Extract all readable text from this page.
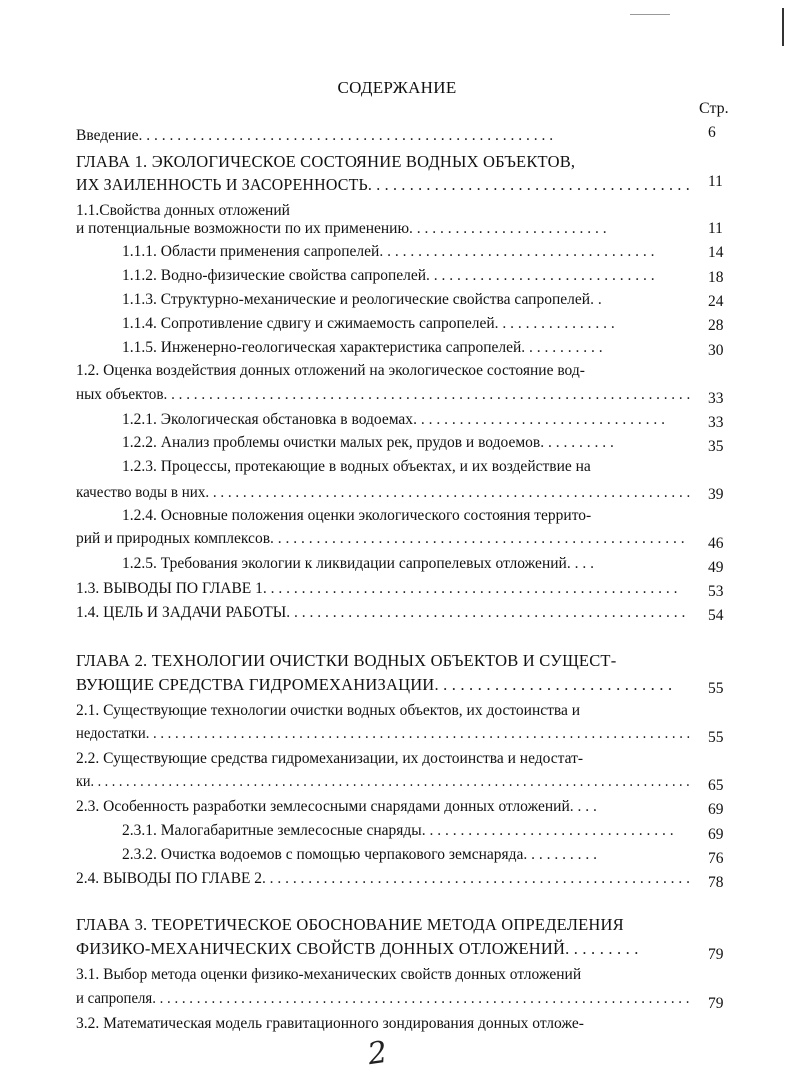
СОДЕРЖАНИЕ
Стр.
Введение. . . . . . . . . . . . . . . . . . . . . . . . . . . . . . . . . . . . . . . . . . . . . . . . . . . . . .	6
ГЛАВА 1. ЭКОЛОГИЧЕСКОЕ СОСТОЯНИЕ ВОДНЫХ ОБЪЕКТОВ,
ИХ ЗАИЛЕННОСТЬ И ЗАСОРЕННОСТЬ. . . . . . . . . . . . . . . . . . . . . . . . . . . . . . . . . . . . . . . 11
1.1.Свойства донных отложений
и потенциальные возможности по их применению. . . . . . . . . . . . . . . . . . . . . . . . . .	11
1.1.1. Области применения сапропелей. . . . . . . . . . . . . . . . . . . . . . . . . . . . . . . . . . . .	14
1.1.2. Водно-физические свойства сапропелей. . . . . . . . . . . . . . . . . . . . . . . . . . . . . .	18
1.1.3. Структурно-механические и реологические свойства сапропелей. .	24
1.1.4. Сопротивление сдвигу и сжимаемость сапропелей. . . . . . . . . . . . . . . .	28
1.1.5. Инженерно-геологическая характеристика сапропелей. . . . . . . . . . .	30
1.2. Оценка воздействия донных отложений на экологическое состояние вод-
ных объектов. . . . . . . . . . . . . . . . . . . . . . . . . . . . . . . . . . . . . . . . . . . . . . . . . . . . . . . . . . . . . . . . . . . . . . 33
1.2.1. Экологическая обстановка в водоемах. . . . . . . . . . . . . . . . . . . . . . . . . . . . . . . . .	33
1.2.2. Анализ проблемы очистки малых рек, прудов и водоемов. . . . . . . . . .	35
1.2.3. Процессы, протекающие в водных объектах, и их воздействие на
качество воды в них. . . . . . . . . . . . . . . . . . . . . . . . . . . . . . . . . . . . . . . . . . . . . . . . . . . . . . . . . . . . . . . . . 39
1.2.4. Основные положения оценки экологического состояния террито-
рий и природных комплексов. . . . . . . . . . . . . . . . . . . . . . . . . . . . . . . . . . . . . . . . . . . . . . . . . . . . . . 46
1.2.5. Требования экологии к ликвидации сапропелевых отложений. . . .	49
1.3. ВЫВОДЫ ПО ГЛАВЕ 1. . . . . . . . . . . . . . . . . . . . . . . . . . . . . . . . . . . . . . . . . . . . . . . . . . . . . . 53
1.4. ЦЕЛЬ И ЗАДАЧИ РАБОТЫ. . . . . . . . . . . . . . . . . . . . . . . . . . . . . . . . . . . . . . . . . . . . . . . . . . . . 54
ГЛАВА 2. ТЕХНОЛОГИИ ОЧИСТКИ ВОДНЫХ ОБЪЕКТОВ И СУЩЕСТ-
ВУЮЩИЕ СРЕДСТВА ГИДРОМЕХАНИЗАЦИИ. . . . . . . . . . . . . . . . . . . . . . . . . . . . 55
2.1. Существующие технологии очистки водных объектов, их достоинства и
недостатки. . . . . . . . . . . . . . . . . . . . . . . . . . . . . . . . . . . . . . . . . . . . . . . . . . . . . . . . . . . . . . . . . . . . . . . . . . . 55
2.2. Существующие средства гидромеханизации, их достоинства и недостат-
ки. . . . . . . . . . . . . . . . . . . . . . . . . . . . . . . . . . . . . . . . . . . . . . . . . . . . . . . . . . . . . . . . . . . . . . . . . . . . . . . . . . . . . 65
2.3. Особенность разработки землесосными снарядами донных отложений. . . .	69
2.3.1. Малогабаритные землесосные снаряды. . . . . . . . . . . . . . . . . . . . . . . . . . . . . . . . . 69
2.3.2. Очистка водоемов с помощью черпакового земснаряда. . . . . . . . . .	76
2.4. ВЫВОДЫ ПО ГЛАВЕ 2. . . . . . . . . . . . . . . . . . . . . . . . . . . . . . . . . . . . . . . . . . . . . . . . . . . . . . . . 78
ГЛАВА 3. ТЕОРЕТИЧЕСКОЕ ОБОСНОВАНИЕ МЕТОДА ОПРЕДЕЛЕНИЯ
ФИЗИКО-МЕХАНИЧЕСКИХ СВОЙСТВ ДОННЫХ ОТЛОЖЕНИЙ. . . . . . . . .	79
3.1. Выбор метода оценки физико-механических свойств донных отложений
и сапропеля. . . . . . . . . . . . . . . . . . . . . . . . . . . . . . . . . . . . . . . . . . . . . . . . . . . . . . . . . . . . . . . . . . . . . . . . . 79
3.2. Математическая модель гравитационного зондирования донных отложе-
2
